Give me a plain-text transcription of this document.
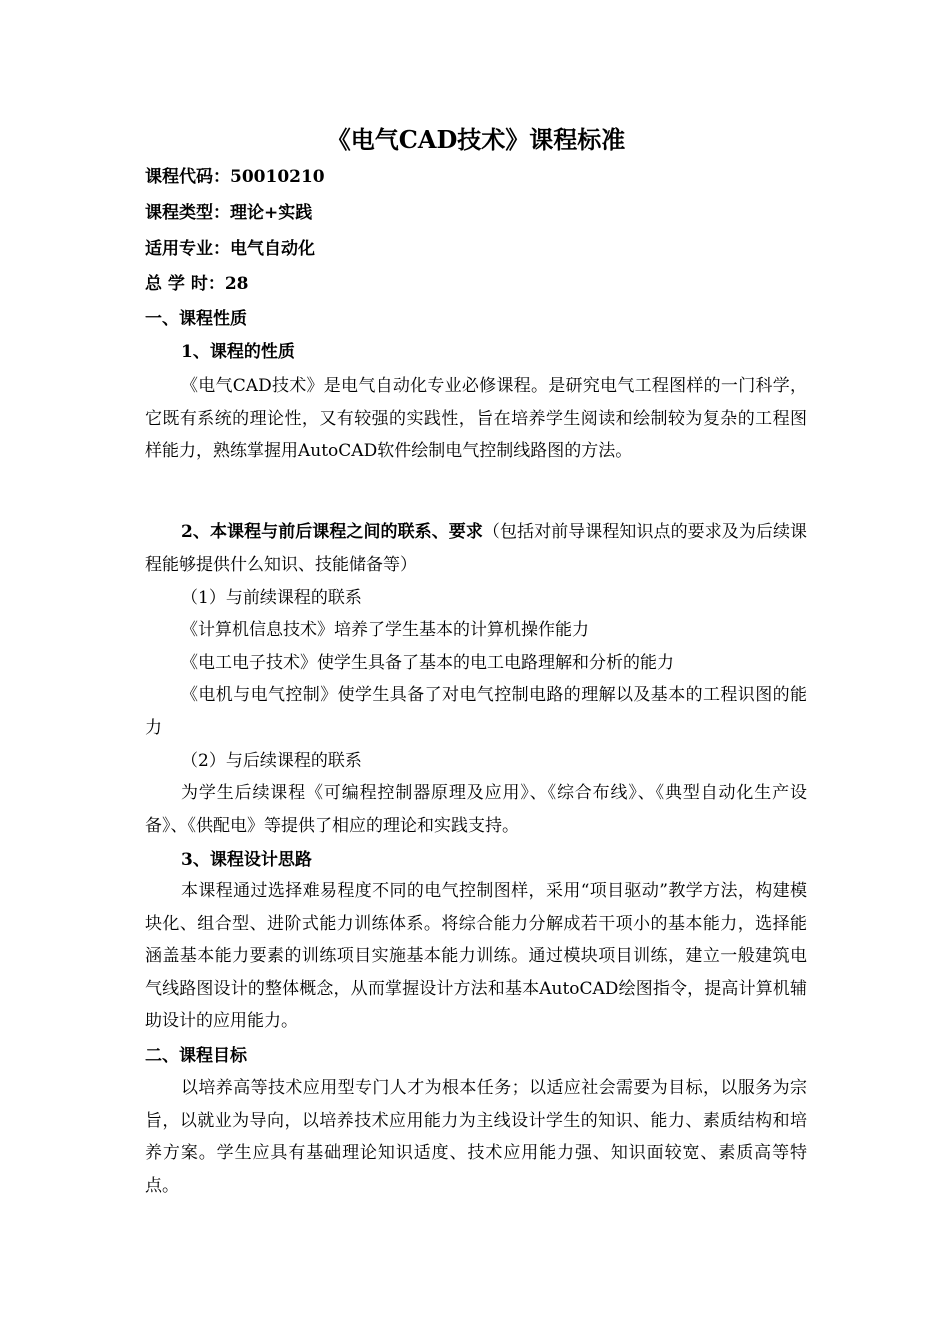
《电气CAD技术》课程标准
课程代码：50010210
课程类型：理论+实践
适用专业：电气自动化
总 学 时：28
一、课程性质
1、课程的性质
《电气CAD技术》是电气自动化专业必修课程。是研究电气工程图样的一门科学，它既有系统的理论性，又有较强的实践性，旨在培养学生阅读和绘制较为复杂的工程图样能力，熟练掌握用AutoCAD软件绘制电气控制线路图的方法。
2、本课程与前后课程之间的联系、要求（包括对前导课程知识点的要求及为后续课程能够提供什么知识、技能储备等）
（1）与前续课程的联系
《计算机信息技术》培养了学生基本的计算机操作能力
《电工电子技术》使学生具备了基本的电工电路理解和分析的能力
《电机与电气控制》使学生具备了对电气控制电路的理解以及基本的工程识图的能力
（2）与后续课程的联系
为学生后续课程《可编程控制器原理及应用》、《综合布线》、《典型自动化生产设备》、《供配电》等提供了相应的理论和实践支持。
3、课程设计思路
本课程通过选择难易程度不同的电气控制图样，采用“项目驱动”教学方法，构建模块化、组合型、进阶式能力训练体系。将综合能力分解成若干项小的基本能力，选择能涵盖基本能力要素的训练项目实施基本能力训练。通过模块项目训练，建立一般建筑电气线路图设计的整体概念，从而掌握设计方法和基本AutoCAD绘图指令，提高计算机辅助设计的应用能力。
二、课程目标
以培养高等技术应用型专门人才为根本任务；以适应社会需要为目标，以服务为宗旨，以就业为导向，以培养技术应用能力为主线设计学生的知识、能力、素质结构和培养方案。学生应具有基础理论知识适度、技术应用能力强、知识面较宽、素质高等特点。
